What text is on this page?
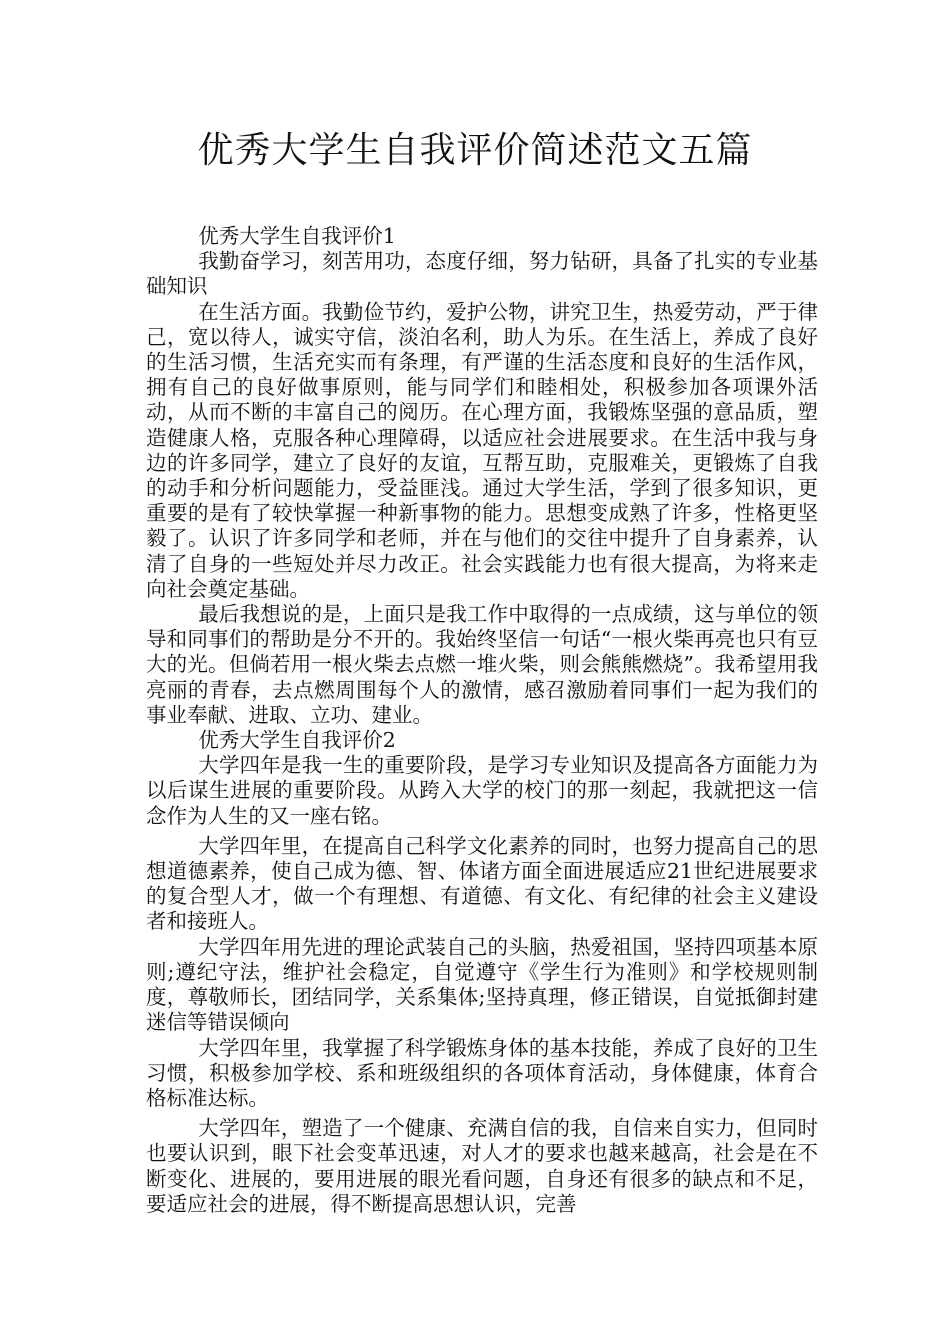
优秀大学生自我评价简述范文五篇

优秀大学生自我评价1

我勤奋学习，刻苦用功，态度仔细，努力钻研，具备了扎实的专业基础知识

在生活方面。我勤俭节约，爱护公物，讲究卫生，热爱劳动，严于律己，宽以待人，诚实守信，淡泊名利，助人为乐。在生活上，养成了良好的生活习惯，生活充实而有条理，有严谨的生活态度和良好的生活作风，拥有自己的良好做事原则，能与同学们和睦相处，积极参加各项课外活动，从而不断的丰富自己的阅历。在心理方面，我锻炼坚强的意品质，塑造健康人格，克服各种心理障碍，以适应社会进展要求。在生活中我与身边的许多同学，建立了良好的友谊，互帮互助，克服难关，更锻炼了自我的动手和分析问题能力，受益匪浅。通过大学生活，学到了很多知识，更重要的是有了较快掌握一种新事物的能力。思想变成熟了许多，性格更坚毅了。认识了许多同学和老师，并在与他们的交往中提升了自身素养，认清了自身的一些短处并尽力改正。社会实践能力也有很大提高，为将来走向社会奠定基础。

最后我想说的是，上面只是我工作中取得的一点成绩，这与单位的领导和同事们的帮助是分不开的。我始终坚信一句话“一根火柴再亮也只有豆大的光。但倘若用一根火柴去点燃一堆火柴，则会熊熊燃烧”。我希望用我亮丽的青春，去点燃周围每个人的激情，感召激励着同事们一起为我们的事业奉献、进取、立功、建业。

优秀大学生自我评价2

大学四年是我一生的重要阶段，是学习专业知识及提高各方面能力为以后谋生进展的重要阶段。从跨入大学的校门的那一刻起，我就把这一信念作为人生的又一座右铭。

大学四年里，在提高自己科学文化素养的同时，也努力提高自己的思想道德素养，使自己成为德、智、体诸方面全面进展适应21世纪进展要求的复合型人才，做一个有理想、有道德、有文化、有纪律的社会主义建设者和接班人。

大学四年用先进的理论武装自己的头脑，热爱祖国，坚持四项基本原则;遵纪守法，维护社会稳定，自觉遵守《学生行为准则》和学校规则制度，尊敬师长，团结同学，关系集体;坚持真理，修正错误，自觉抵御封建迷信等错误倾向

大学四年里，我掌握了科学锻炼身体的基本技能，养成了良好的卫生习惯，积极参加学校、系和班级组织的各项体育活动，身体健康，体育合格标准达标。

大学四年，塑造了一个健康、充满自信的我，自信来自实力，但同时也要认识到，眼下社会变革迅速，对人才的要求也越来越高，社会是在不断变化、进展的，要用进展的眼光看问题，自身还有很多的缺点和不足，要适应社会的进展，得不断提高思想认识，完善
